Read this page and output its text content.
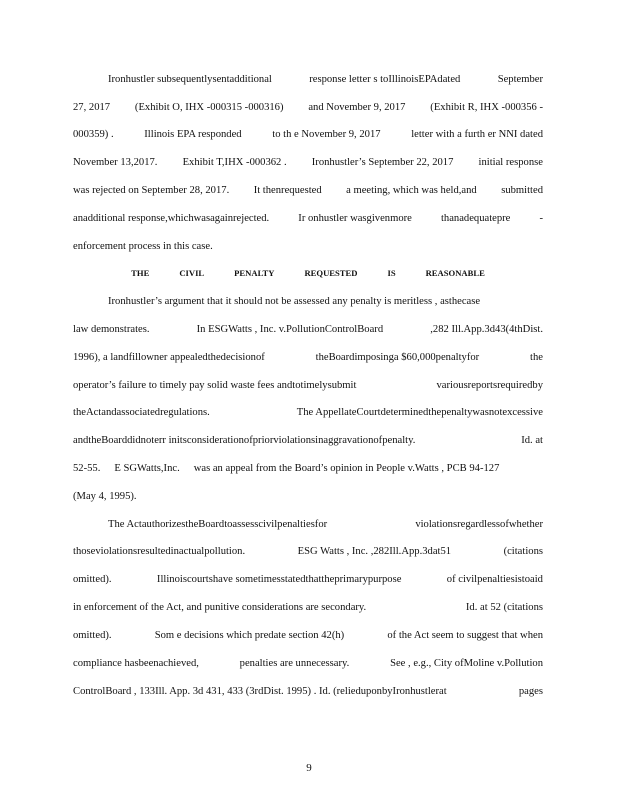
Ironhustler subsequentlysentadditional	response letter s toIllinoisEPAdated	September
27, 2017 (Exhibit O, IHX -000315 -000316) and November 9, 2017 (Exhibit R, IHX -000356 -
000359) .	Illinois EPA responded	to th e November 9, 2017	letter with a furth er NNI dated
November 13,2017. Exhibit T,IHX -000362 . Ironhustler’s September 22, 2017 initial response
was rejected on September 28, 2017. It thenrequested a meeting, which was held,and submitted
anadditional response,whichwasagainrejected.	Ir onhustler wasgivenmore	thanadequatepre	-
enforcement process in this case.
Ironhustler’s argument that it should not be assessed any penalty is meritless , asthecase
law demonstrates.	In ESGWatts , Inc. v.PollutionControlBoard	,282 Ill.App.3d43(4thDist.
1996), a landfillowner appealedthedecisionof	theBoardimposinga $60,000penaltyfor	the
operator’s failure to timely pay solid waste fees andtotimelysubmit	variousreportsrequiredby
theActandassociatedregulations.	The AppellateCourtdeterminedthepenaltywasnotexcessive
andtheBoarddidnoterr initsconsiderationofpriorviolationsinaggravationofpenalty.	Id. at
52-55. E SGWatts,Inc. was an appeal from the Board’s opinion in People v.Watts , PCB 94-127
(May 4, 1995).
The ActauthorizestheBoardtoassesscivilpenaltiesfor	violationsregardlessofwhether
thoseviolationsresultedinactualpollution.	ESG Watts , Inc. ,282Ill.App.3dat51	(citations
omitted).	Illinoiscourtshave sometimesstatedthattheprimarypurpose	of civilpenaltiesistoaid
in enforcement of the Act, and punitive considerations are secondary.	Id. at 52 (citations
omitted).	Som e decisions which predate section 42(h)	of the Act seem to suggest that when
compliance hasbeenachieved,	penalties are unnecessary.	See , e.g., City ofMoline v.Pollution
ControlBoard , 133Ill. App. 3d 431, 433 (3rdDist. 1995) . Id. (relieduponbyIronhustlerat	pages
THE	CIVIL	PENALTY	REQUESTED	IS	REASONABLE
9
